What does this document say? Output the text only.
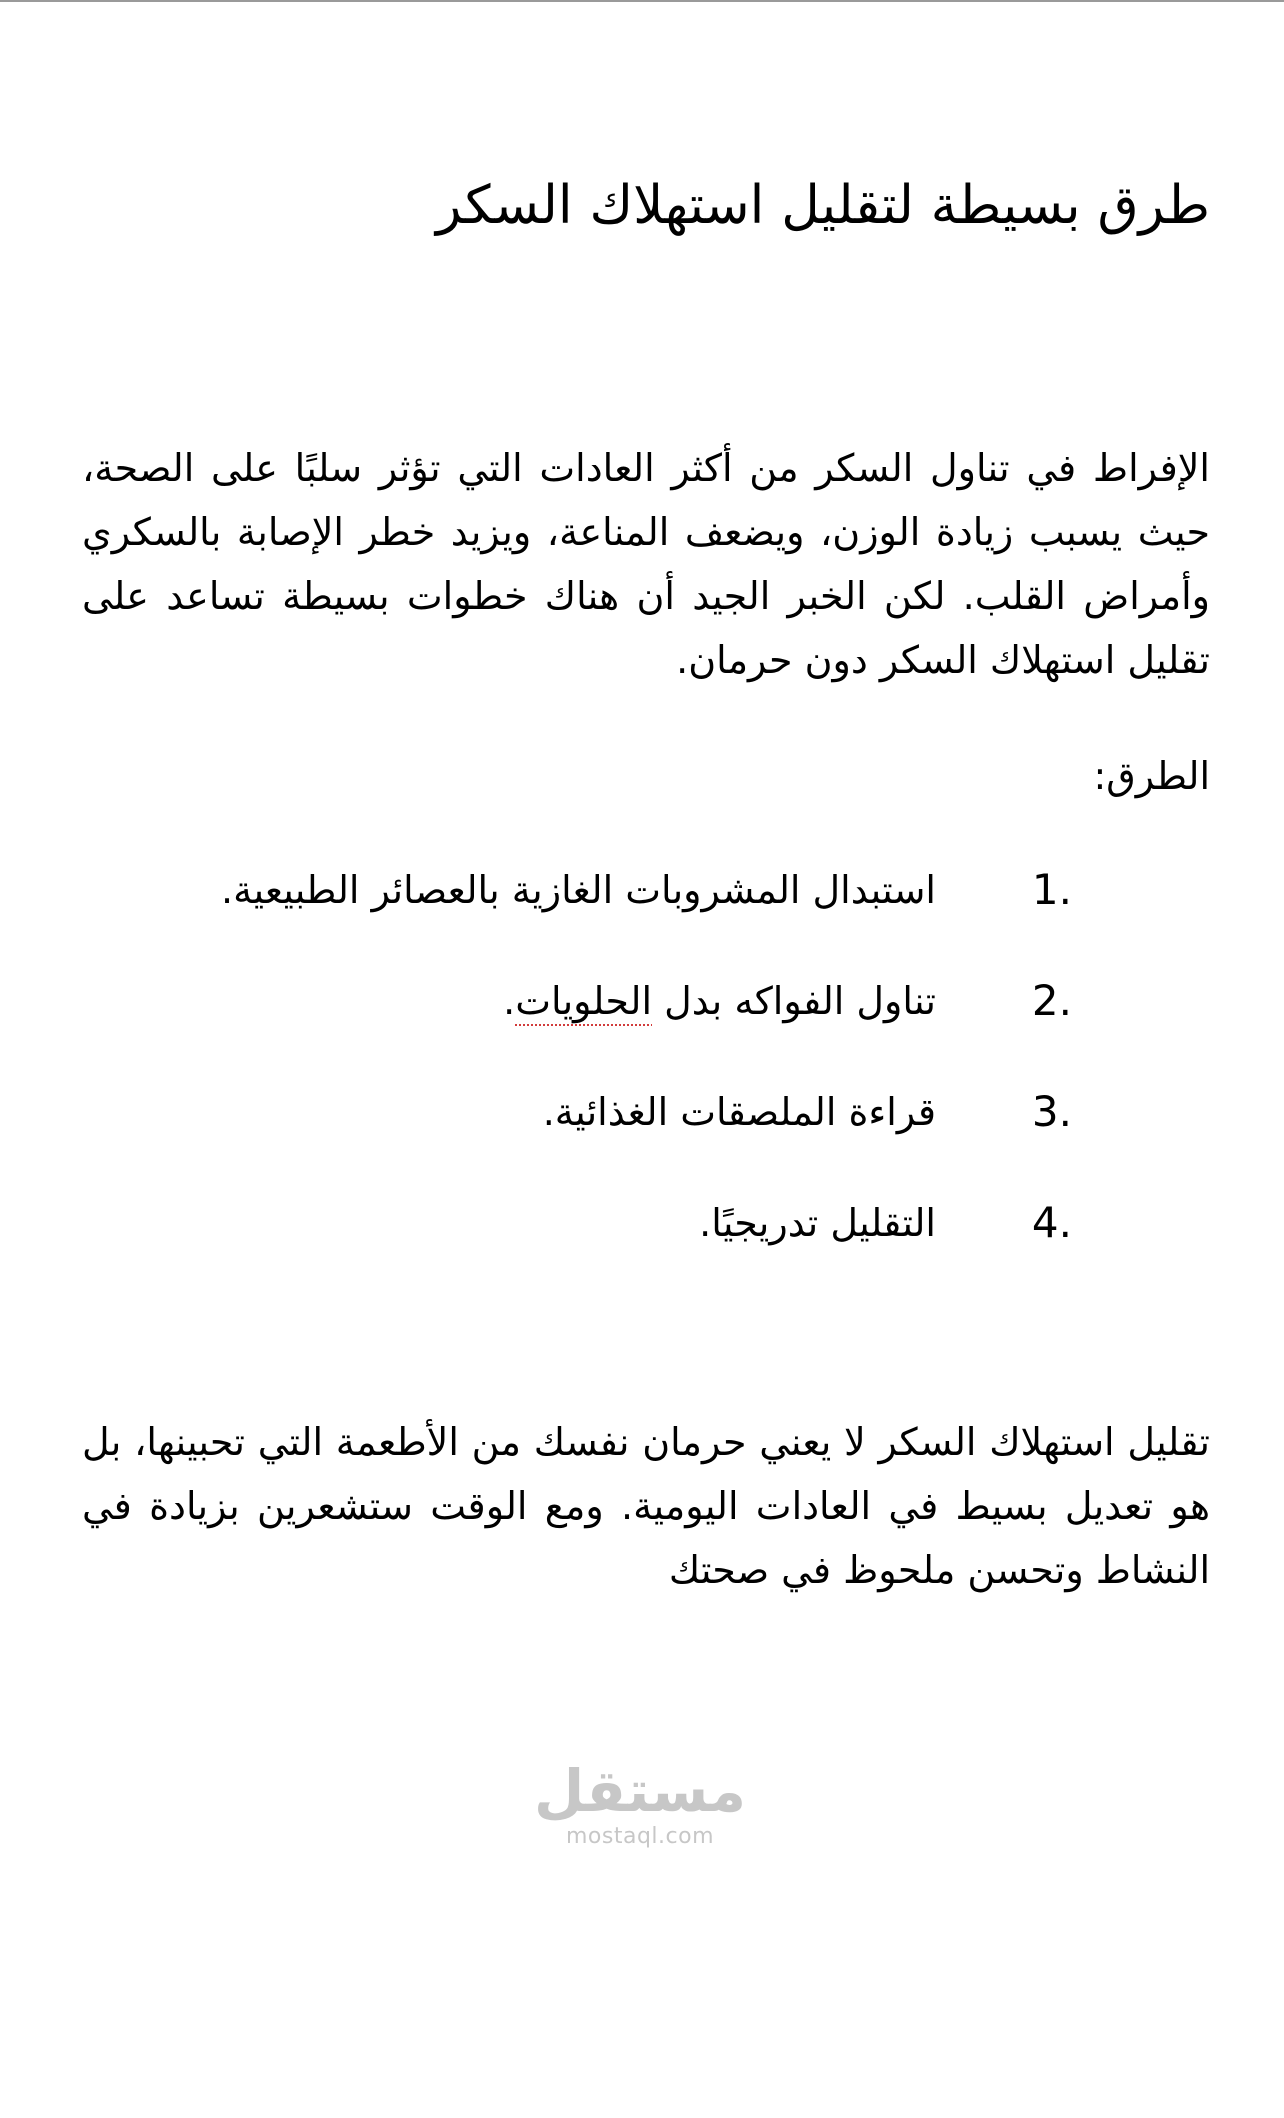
طرق بسيطة لتقليل استهلاك السكر

الإفراط في تناول السكر من أكثر العادات التي تؤثر سلبًا على الصحة، حيث يسبب زيادة الوزن، ويضعف المناعة، ويزيد خطر الإصابة بالسكري وأمراض القلب. لكن الخبر الجيد أن هناك خطوات بسيطة تساعد على تقليل استهلاك السكر دون حرمان.

الطرق:

1.
استبدال المشروبات الغازية بالعصائر الطبيعية.
2.
تناول الفواكه بدل الحلويات.
3.
قراءة الملصقات الغذائية.
4.
التقليل تدريجيًا.

تقليل استهلاك السكر لا يعني حرمان نفسك من الأطعمة التي تحبينها، بل هو تعديل بسيط في العادات اليومية. ومع الوقت ستشعرين بزيادة في النشاط وتحسن ملحوظ في صحتك

مستقل
mostaql.com
